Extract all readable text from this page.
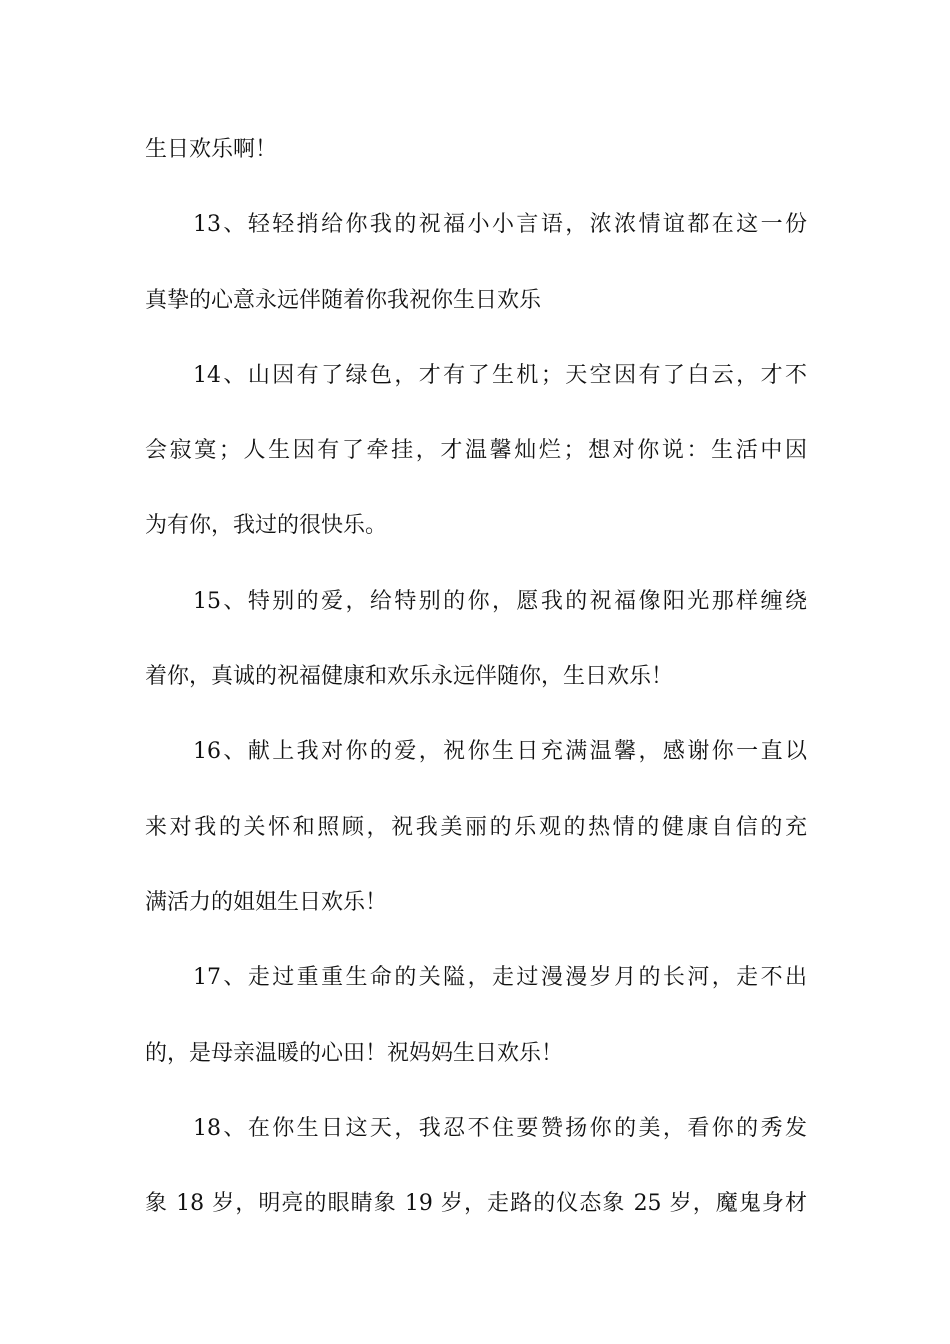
生日欢乐啊！
13、轻轻捎给你我的祝福小小言语，浓浓情谊都在这一份
真挚的心意永远伴随着你我祝你生日欢乐
14、山因有了绿色，才有了生机；天空因有了白云，才不
会寂寞；人生因有了牵挂，才温馨灿烂；想对你说：生活中因
为有你，我过的很快乐。
15、特别的爱，给特别的你，愿我的祝福像阳光那样缠绕
着你，真诚的祝福健康和欢乐永远伴随你，生日欢乐！
16、献上我对你的爱，祝你生日充满温馨，感谢你一直以
来对我的关怀和照顾，祝我美丽的乐观的热情的健康自信的充
满活力的姐姐生日欢乐！
17、走过重重生命的关隘，走过漫漫岁月的长河，走不出
的，是母亲温暖的心田！祝妈妈生日欢乐！
18、在你生日这天，我忍不住要赞扬你的美，看你的秀发
象 18 岁，明亮的眼睛象 19 岁，走路的仪态象 25 岁，魔鬼身材
